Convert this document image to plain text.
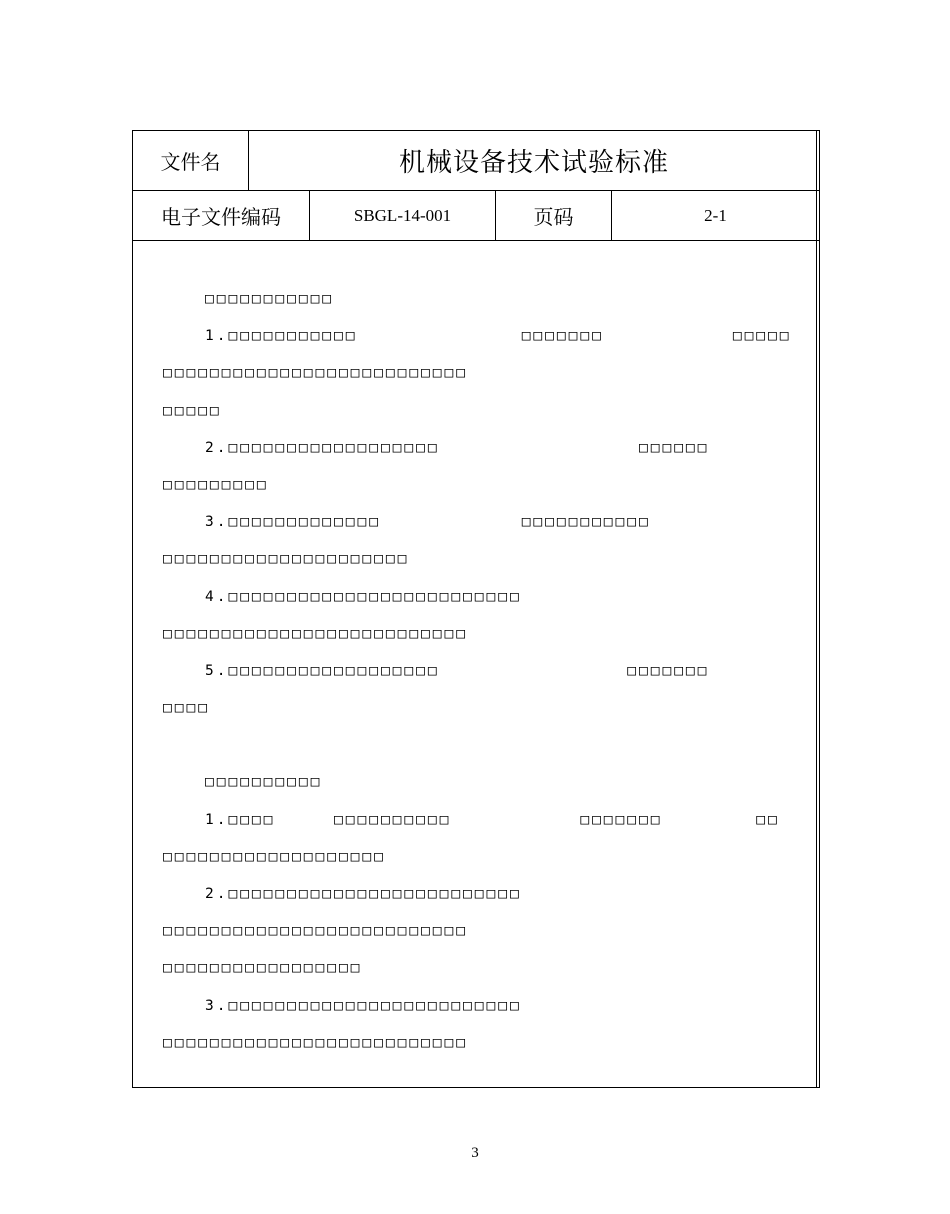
文件名	机械设备技术试验标准
电子文件编码	SBGL-14-001	页码	2-1
□□□□□□□□□□□
1.□□□□□□□□□□□              □□□□□□□           □□□□□
□□□□□□□□□□□□□□□□□□□□□□□□□□
□□□□□
2.□□□□□□□□□□□□□□□□□□                 □□□□□□
□□□□□□□□□
3.□□□□□□□□□□□□□            □□□□□□□□□□□
□□□□□□□□□□□□□□□□□□□□□
4.□□□□□□□□□□□□□□□□□□□□□□□□□
□□□□□□□□□□□□□□□□□□□□□□□□□□
5.□□□□□□□□□□□□□□□□□□                □□□□□□□
□□□□
□□□□□□□□□□
1.□□□□     □□□□□□□□□□           □□□□□□□        □□
□□□□□□□□□□□□□□□□□□□
2.□□□□□□□□□□□□□□□□□□□□□□□□□
□□□□□□□□□□□□□□□□□□□□□□□□□□
□□□□□□□□□□□□□□□□□
3.□□□□□□□□□□□□□□□□□□□□□□□□□
□□□□□□□□□□□□□□□□□□□□□□□□□□
3
